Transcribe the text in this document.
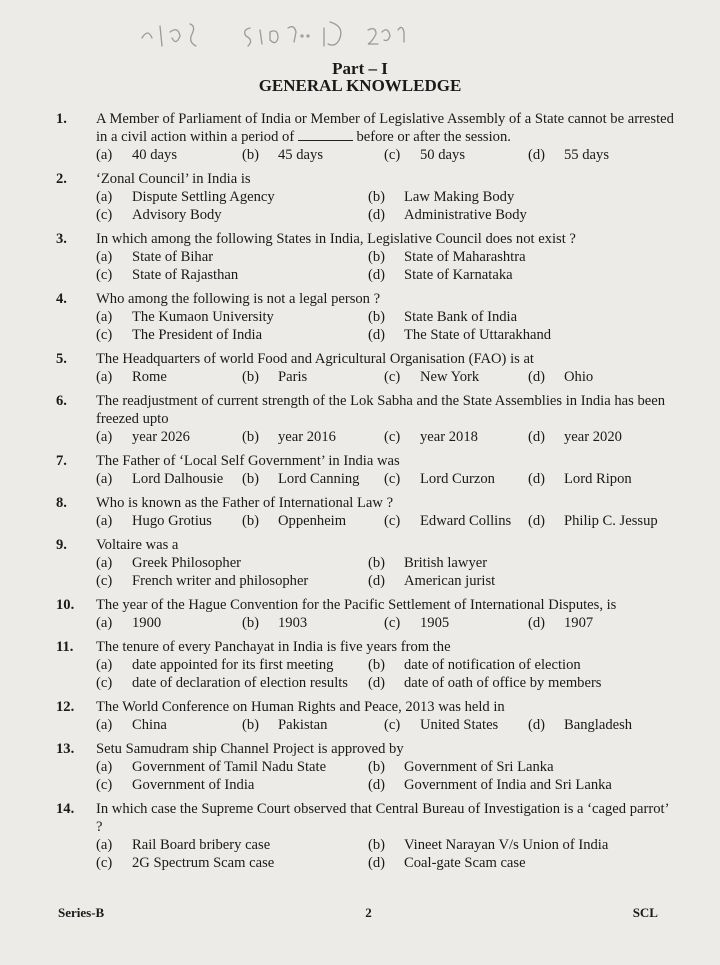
Part – I
GENERAL KNOWLEDGE
1.	A Member of Parliament of India or Member of Legislative Assembly of a State cannot be arrested in a civil action within a period of	before or after the session.
(a) 40 days	(b) 45 days	(c) 50 days	(d) 55 days
2.	‘Zonal Council’ in India is
(a) Dispute Settling Agency	(b) Law Making Body
(c) Advisory Body	(d) Administrative Body
3.	In which among the following States in India, Legislative Council does not exist ?
(a) State of Bihar	(b) State of Maharashtra
(c) State of Rajasthan	(d) State of Karnataka
4.	Who among the following is not a legal person ?
(a) The Kumaon University	(b) State Bank of India
(c) The President of India	(d) The State of Uttarakhand
5.	The Headquarters of world Food and Agricultural Organisation (FAO) is at
(a) Rome	(b) Paris	(c) New York	(d) Ohio
6.	The readjustment of current strength of the Lok Sabha and the State Assemblies in India has been freezed upto
(a) year 2026	(b) year 2016	(c) year 2018	(d) year 2020
7.	The Father of ‘Local Self Government’ in India was
(a) Lord Dalhousie	(b) Lord Canning	(c) Lord Curzon	(d) Lord Ripon
8.	Who is known as the Father of International Law ?
(a) Hugo Grotius	(b) Oppenheim	(c) Edward Collins	(d) Philip C. Jessup
9.	Voltaire was a
(a) Greek Philosopher	(b) British lawyer
(c) French writer and philosopher	(d) American jurist
10.	The year of the Hague Convention for the Pacific Settlement of International Disputes, is
(a) 1900	(b) 1903	(c) 1905	(d) 1907
11.	The tenure of every Panchayat in India is five years from the
(a) date appointed for its first meeting	(b) date of notification of election
(c) date of declaration of election results	(d) date of oath of office by members
12.	The World Conference on Human Rights and Peace, 2013 was held in
(a) China	(b) Pakistan	(c) United States	(d) Bangladesh
13.	Setu Samudram ship Channel Project is approved by
(a) Government of Tamil Nadu State	(b) Government of Sri Lanka
(c) Government of India	(d) Government of India and Sri Lanka
14.	In which case the Supreme Court observed that Central Bureau of Investigation is a ‘caged parrot’ ?
(a) Rail Board bribery case	(b) Vineet Narayan V/s Union of India
(c) 2G Spectrum Scam case	(d) Coal-gate Scam case
Series-B	2	SCL
